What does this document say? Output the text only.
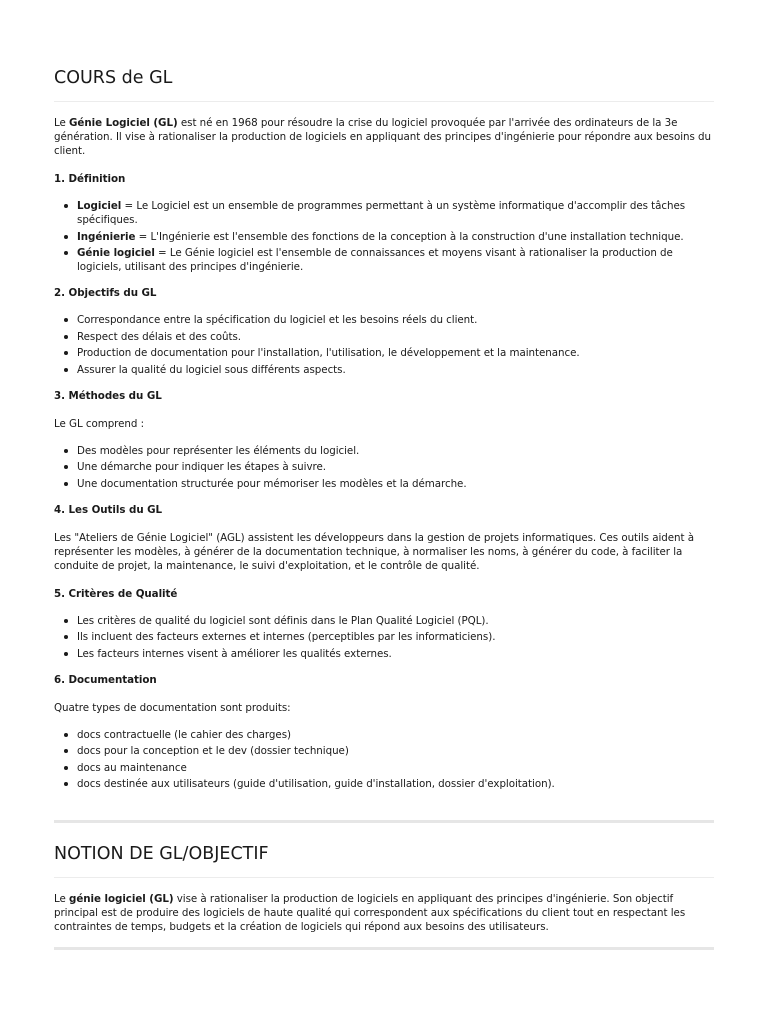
COURS de GL

Le Génie Logiciel (GL) est né en 1968 pour résoudre la crise du logiciel provoquée par l'arrivée des ordinateurs de la 3e génération. Il vise à rationaliser la production de logiciels en appliquant des principes d'ingénierie pour répondre aux besoins du client.

1. Définition

Logiciel = Le Logiciel est un ensemble de programmes permettant à un système informatique d'accomplir des tâches spécifiques.
Ingénierie = L'Ingénierie est l'ensemble des fonctions de la conception à la construction d'une installation technique.
Génie logiciel = Le Génie logiciel est l'ensemble de connaissances et moyens visant à rationaliser la production de logiciels, utilisant des principes d'ingénierie.

2. Objectifs du GL

Correspondance entre la spécification du logiciel et les besoins réels du client.
Respect des délais et des coûts.
Production de documentation pour l'installation, l'utilisation, le développement et la maintenance.
Assurer la qualité du logiciel sous différents aspects.

3. Méthodes du GL

Le GL comprend :

Des modèles pour représenter les éléments du logiciel.
Une démarche pour indiquer les étapes à suivre.
Une documentation structurée pour mémoriser les modèles et la démarche.

4. Les Outils du GL

Les "Ateliers de Génie Logiciel" (AGL) assistent les développeurs dans la gestion de projets informatiques. Ces outils aident à représenter les modèles, à générer de la documentation technique, à normaliser les noms, à générer du code, à faciliter la conduite de projet, la maintenance, le suivi d'exploitation, et le contrôle de qualité.

5. Critères de Qualité

Les critères de qualité du logiciel sont définis dans le Plan Qualité Logiciel (PQL).
Ils incluent des facteurs externes et internes (perceptibles par les informaticiens).
Les facteurs internes visent à améliorer les qualités externes.

6. Documentation

Quatre types de documentation sont produits:

docs contractuelle (le cahier des charges)
docs pour la conception et le dev (dossier technique)
docs au maintenance
docs destinée aux utilisateurs (guide d'utilisation, guide d'installation, dossier d'exploitation).
NOTION DE GL/OBJECTIF

Le génie logiciel (GL) vise à rationaliser la production de logiciels en appliquant des principes d'ingénierie. Son objectif principal est de produire des logiciels de haute qualité qui correspondent aux spécifications du client tout en respectant les contraintes de temps, budgets et la création de logiciels qui répond aux besoins des utilisateurs.
